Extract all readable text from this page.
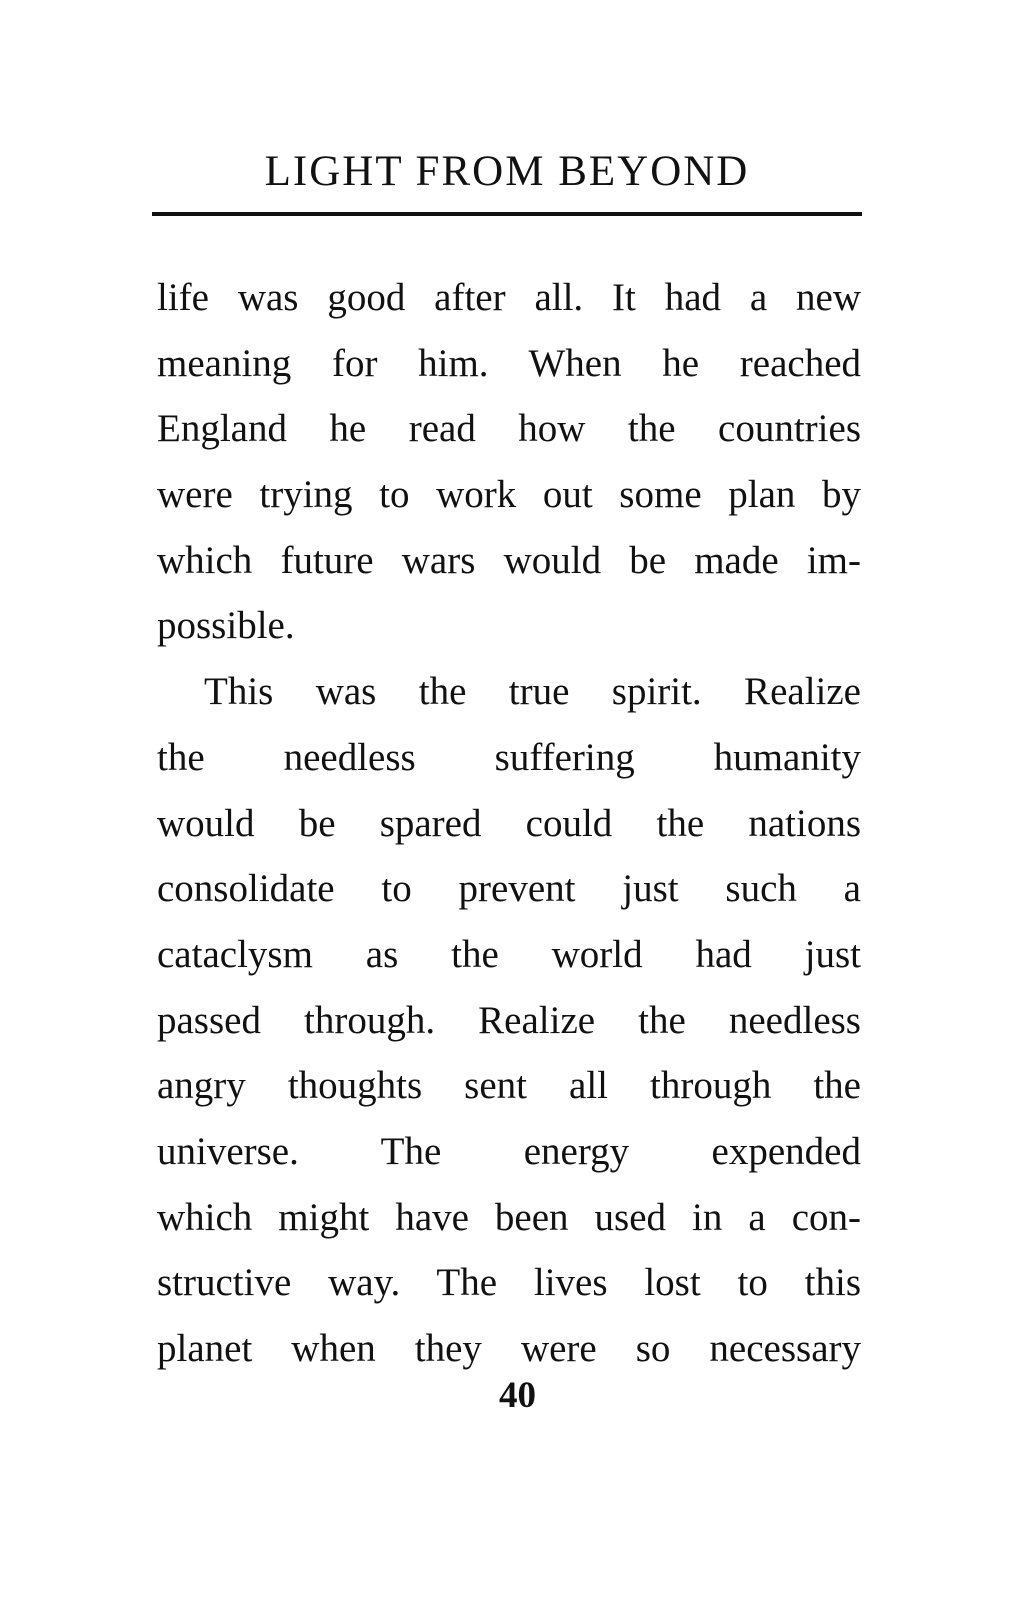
LIGHT FROM BEYOND
life was good after all. It had a new
meaning for him. When he reached
England he read how the countries
were trying to work out some plan by
which future wars would be made im-
possible.
This was the true spirit. Realize
the needless suffering humanity
would be spared could the nations
consolidate to prevent just such a
cataclysm as the world had just
passed through. Realize the needless
angry thoughts sent all through the
universe. The energy expended
which might have been used in a con-
structive way. The lives lost to this
planet when they were so necessary
40
